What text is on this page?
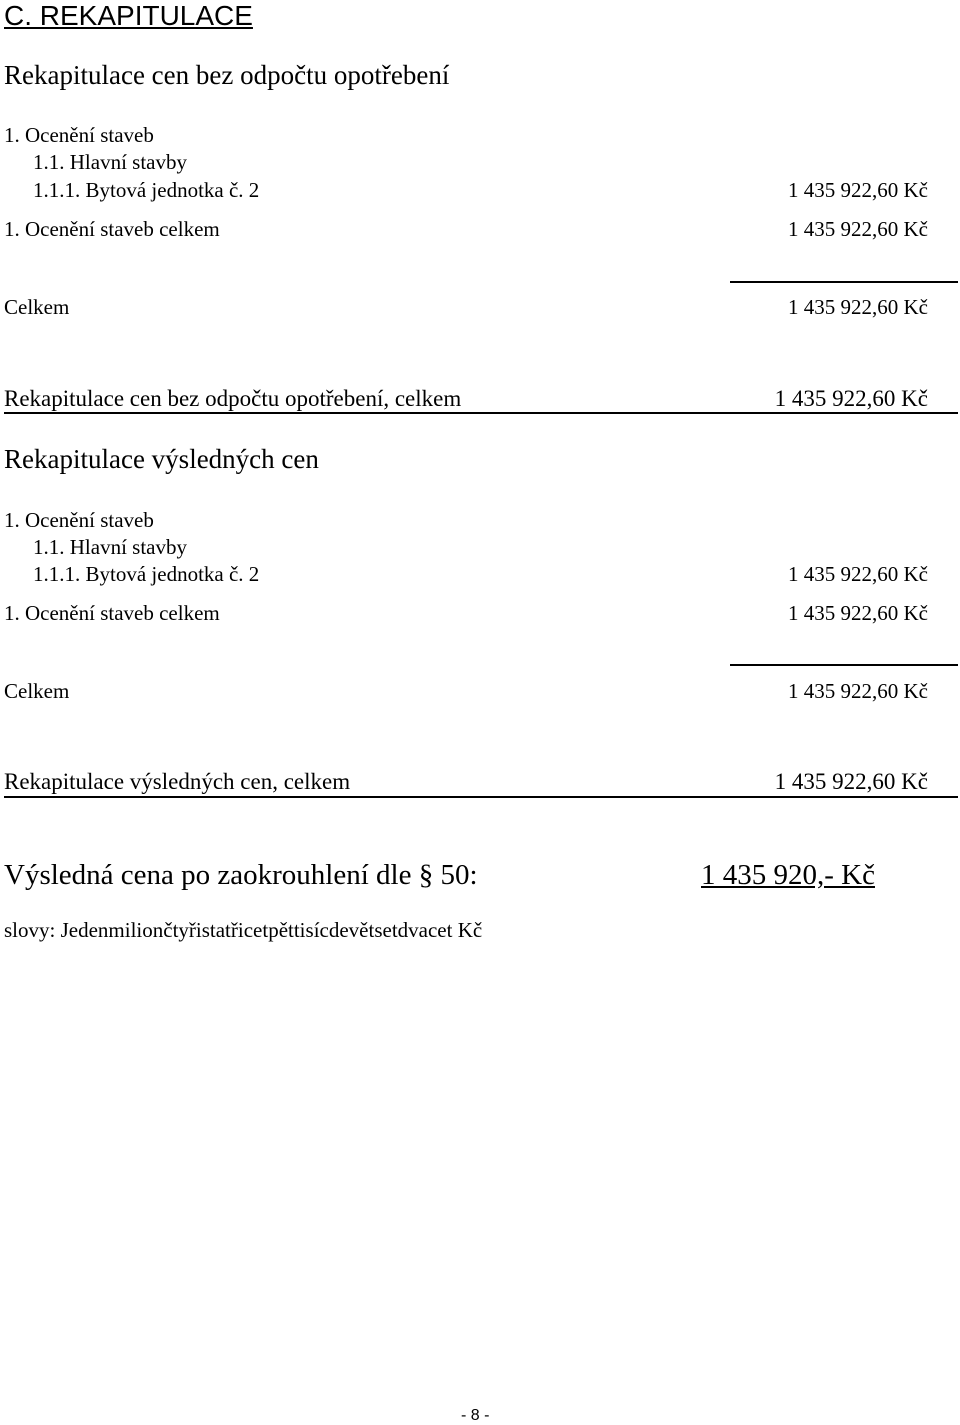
C. REKAPITULACE
Rekapitulace cen bez odpočtu opotřebení
1. Ocenění staveb
1.1. Hlavní stavby
1.1.1. Bytová jednotka č. 2	1 435 922,60 Kč
1. Ocenění staveb celkem	1 435 922,60 Kč
Celkem	1 435 922,60 Kč
Rekapitulace cen bez odpočtu opotřebení, celkem	1 435 922,60 Kč
Rekapitulace výsledných cen
1. Ocenění staveb
1.1. Hlavní stavby
1.1.1. Bytová jednotka č. 2	1 435 922,60 Kč
1. Ocenění staveb celkem	1 435 922,60 Kč
Celkem	1 435 922,60 Kč
Rekapitulace výsledných cen, celkem	1 435 922,60 Kč
Výsledná cena po zaokrouhlení dle § 50:	1 435 920,- Kč
slovy: Jedenmiliončtyřistatřicetpěttisícdevětsetdvacet Kč
- 8 -
